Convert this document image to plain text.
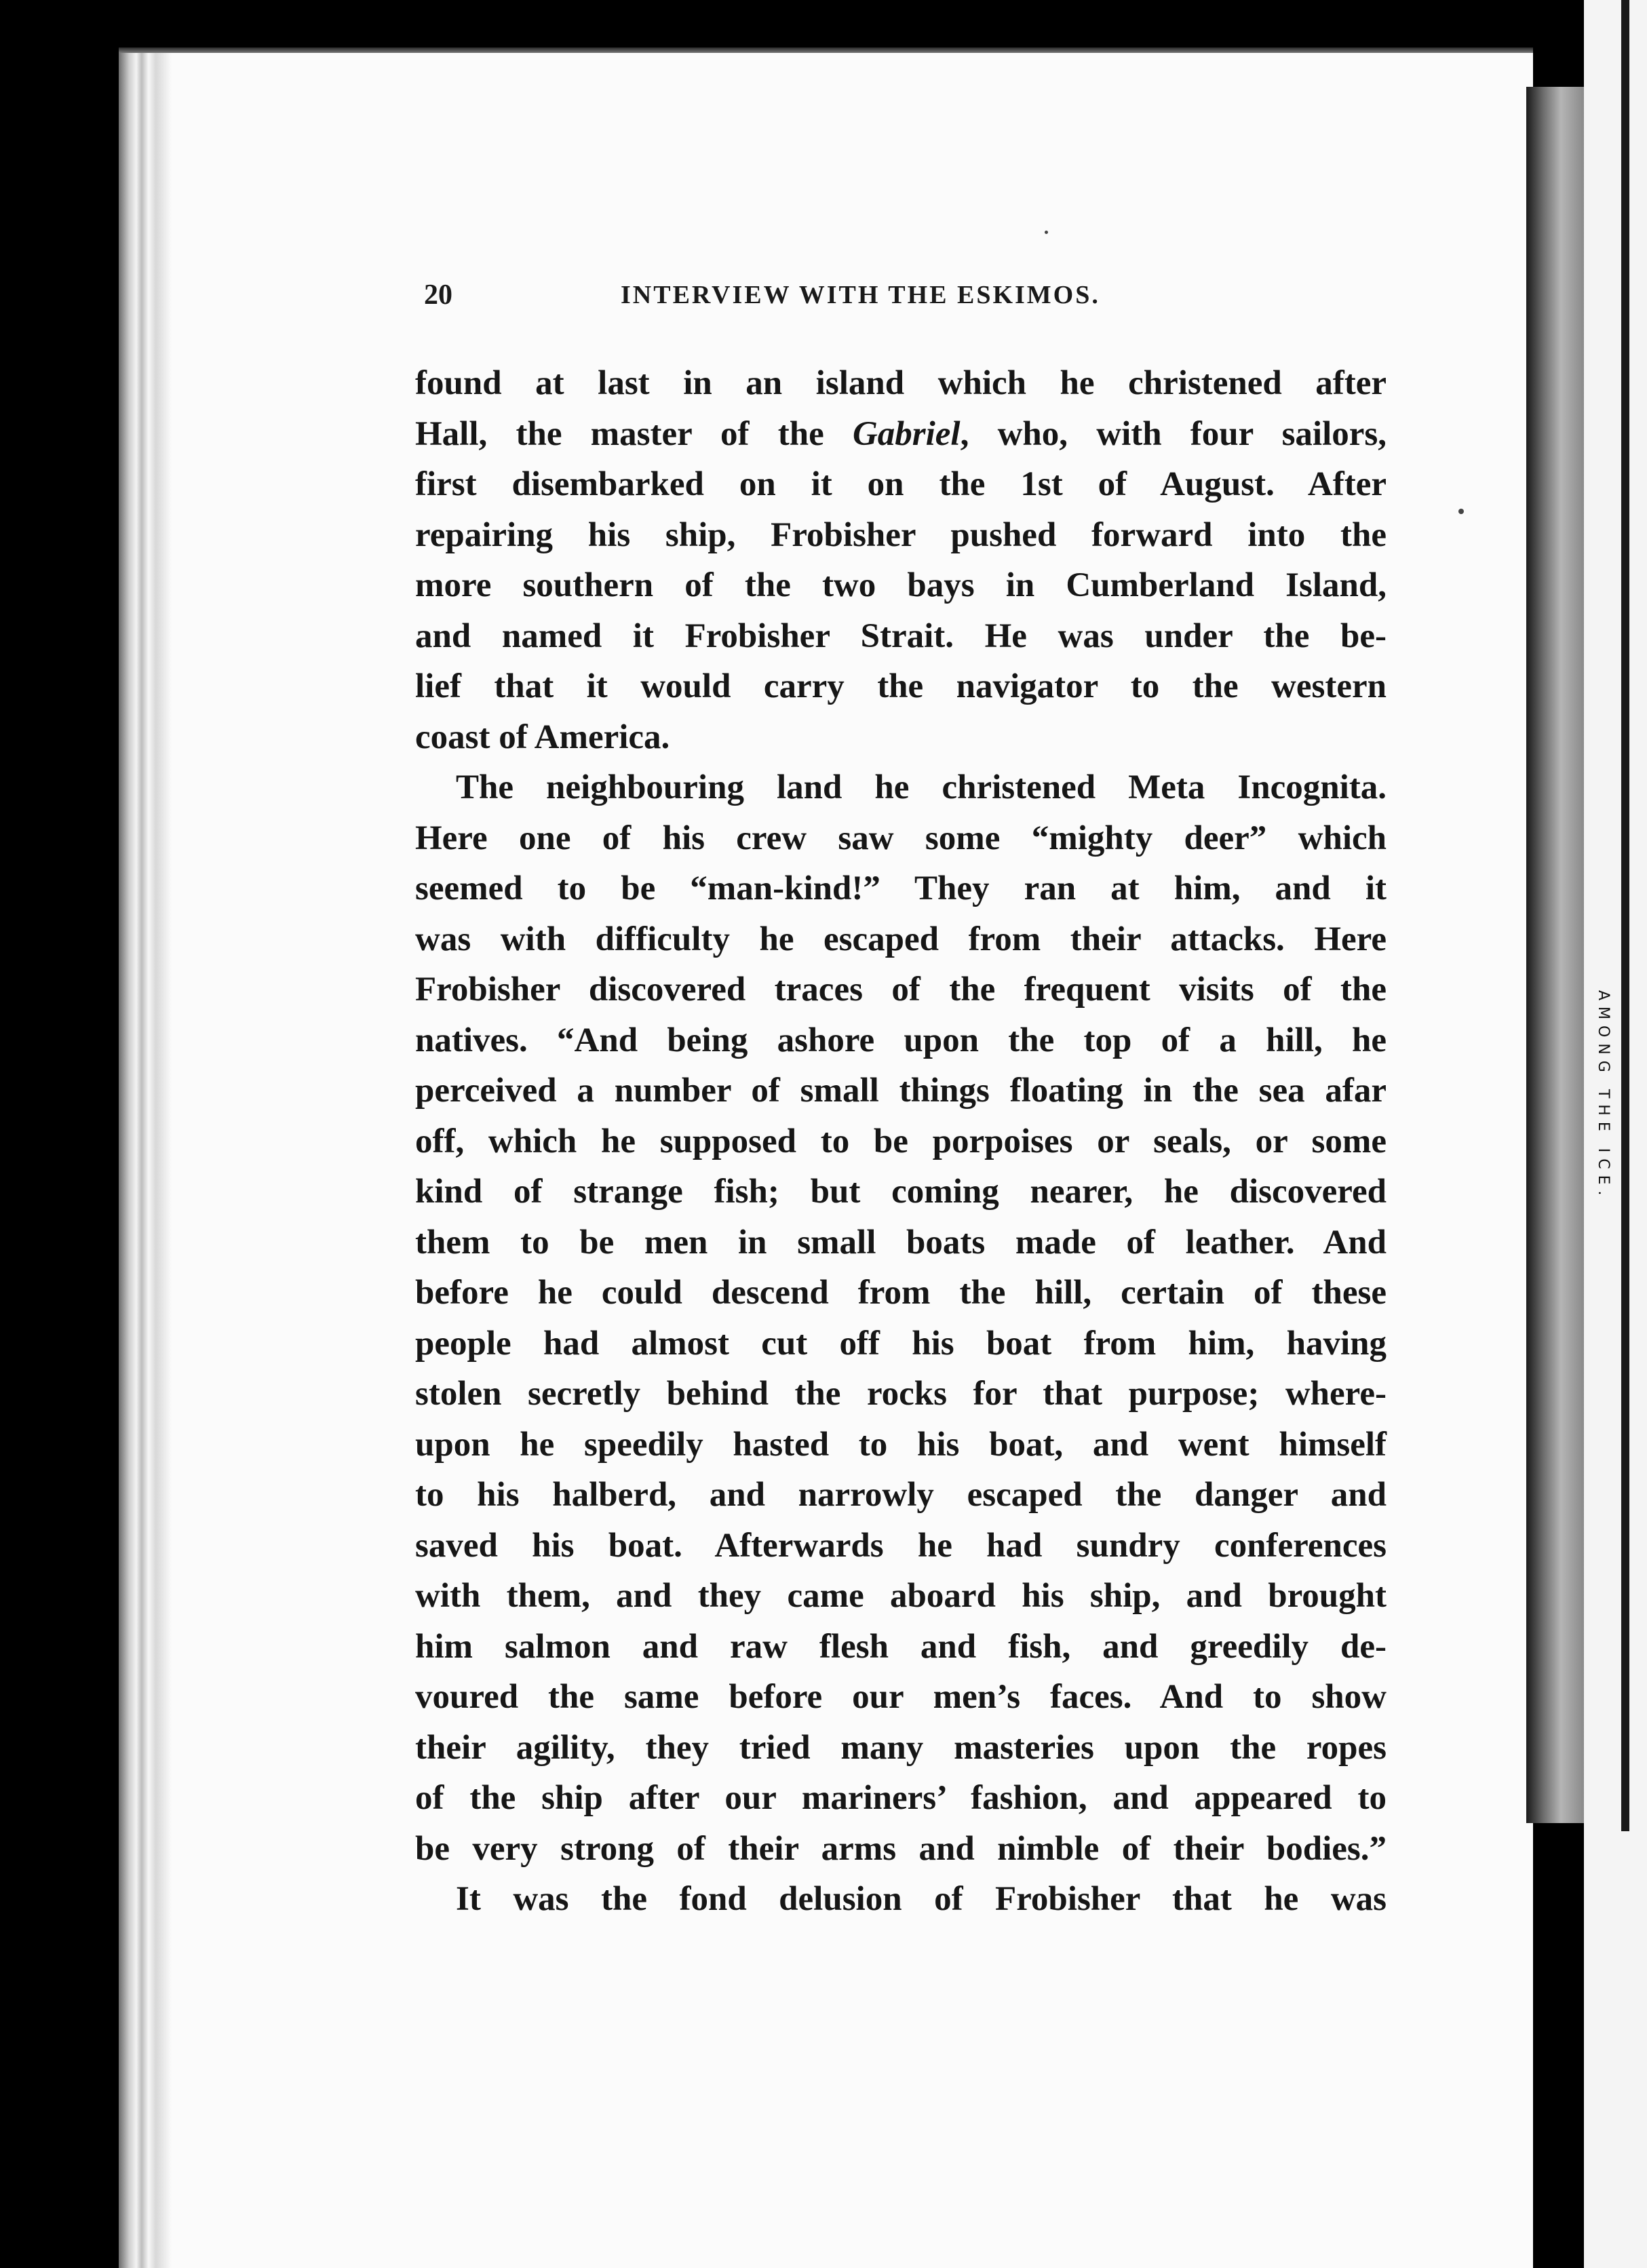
AMONG THE ICE.
20	INTERVIEW WITH THE ESKIMOS.
found at last in an island which he christened after
Hall, the master of the Gabriel, who, with four sailors,
first disembarked on it on the 1st of August. After
repairing his ship, Frobisher pushed forward into the
more southern of the two bays in Cumberland Island,
and named it Frobisher Strait. He was under the be-
lief that it would carry the navigator to the western
coast of America.
The neighbouring land he christened Meta Incognita.
Here one of his crew saw some “mighty deer” which
seemed to be “man-kind!” They ran at him, and it
was with difficulty he escaped from their attacks. Here
Frobisher discovered traces of the frequent visits of the
natives. “And being ashore upon the top of a hill, he
perceived a number of small things floating in the sea afar
off, which he supposed to be porpoises or seals, or some
kind of strange fish; but coming nearer, he discovered
them to be men in small boats made of leather. And
before he could descend from the hill, certain of these
people had almost cut off his boat from him, having
stolen secretly behind the rocks for that purpose; where-
upon he speedily hasted to his boat, and went himself
to his halberd, and narrowly escaped the danger and
saved his boat. Afterwards he had sundry conferences
with them, and they came aboard his ship, and brought
him salmon and raw flesh and fish, and greedily de-
voured the same before our men’s faces. And to show
their agility, they tried many masteries upon the ropes
of the ship after our mariners’ fashion, and appeared to
be very strong of their arms and nimble of their bodies.”
It was the fond delusion of Frobisher that he was
